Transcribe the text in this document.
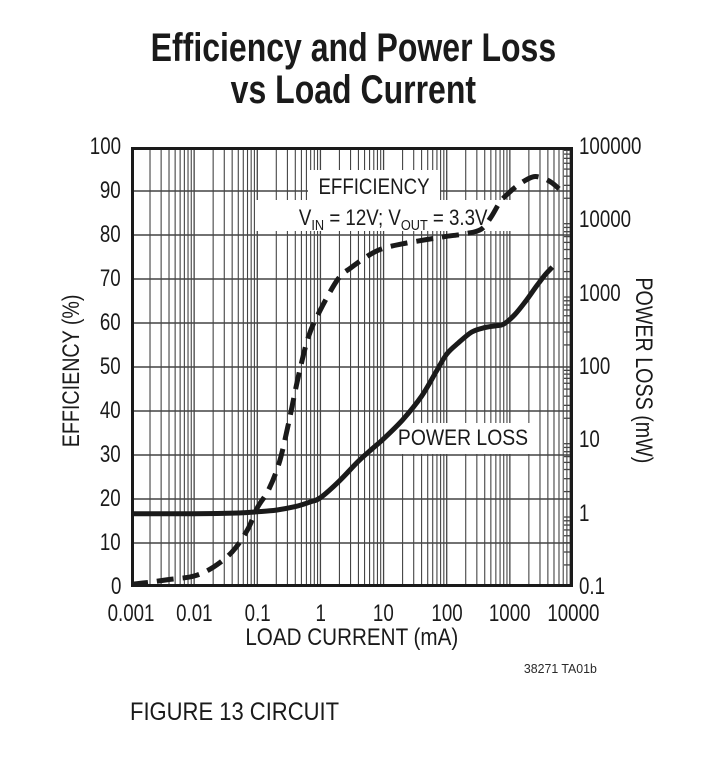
Efficiency and Power Loss
vs Load Current
EFFICIENCY
$V_{IN} = 12V$; $V_{OUT} = 3.3V$
POWER LOSS
100
90
80
70
60
50
40
30
20
10
0
100000
10000
1000
100
10
1
0.1
0.001 0.01	0.1	1	10	100	1000 10000
EFFICIENCY (%)	POWER LOSS (mW)
LOAD CURRENT (mA)
38271 TA01b
FIGURE 13 CIRCUIT
